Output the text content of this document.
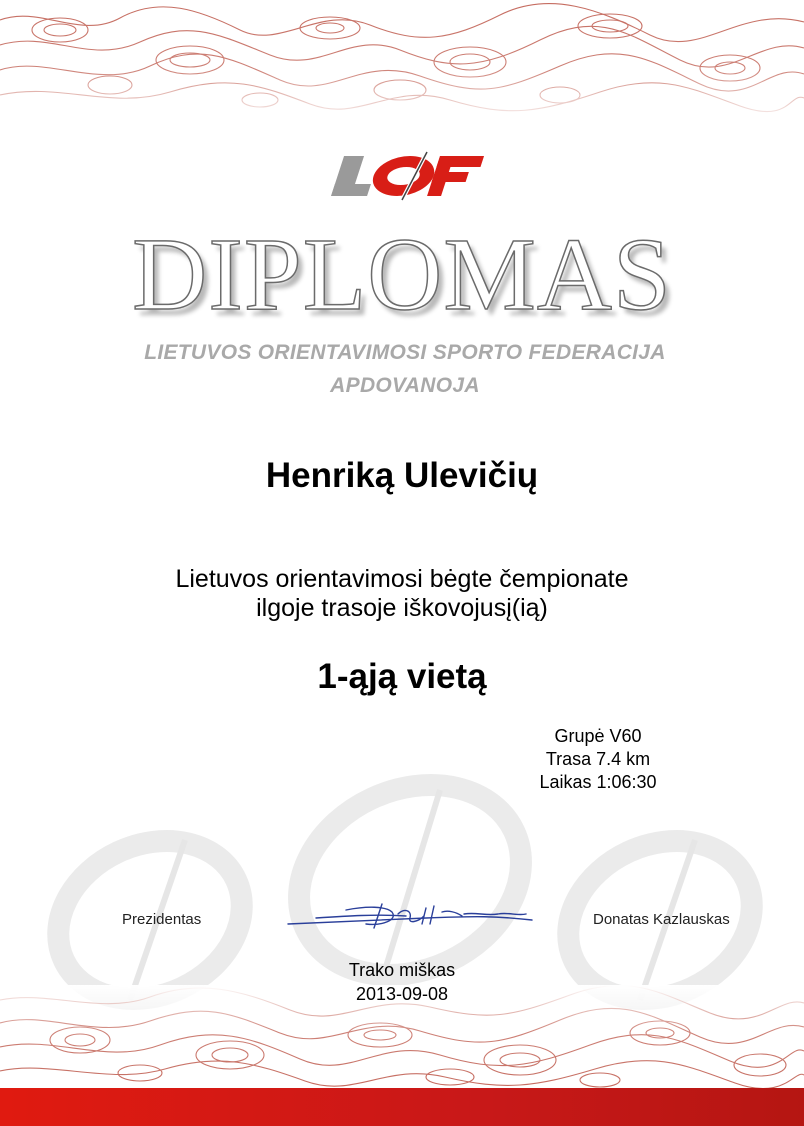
DIPLOMAS
LIETUVOS ORIENTAVIMOSI SPORTO FEDERACIJA
APDOVANOJA
Henriką Ulevičių
Lietuvos orientavimosi bėgte čempionate
ilgoje trasoje iškovojusį(ią)
1-ąją vietą
Grupė V60
Trasa 7.4 km
Laikas 1:06:30
Prezidentas	Donatas Kazlauskas
Trako miškas
2013-09-08
